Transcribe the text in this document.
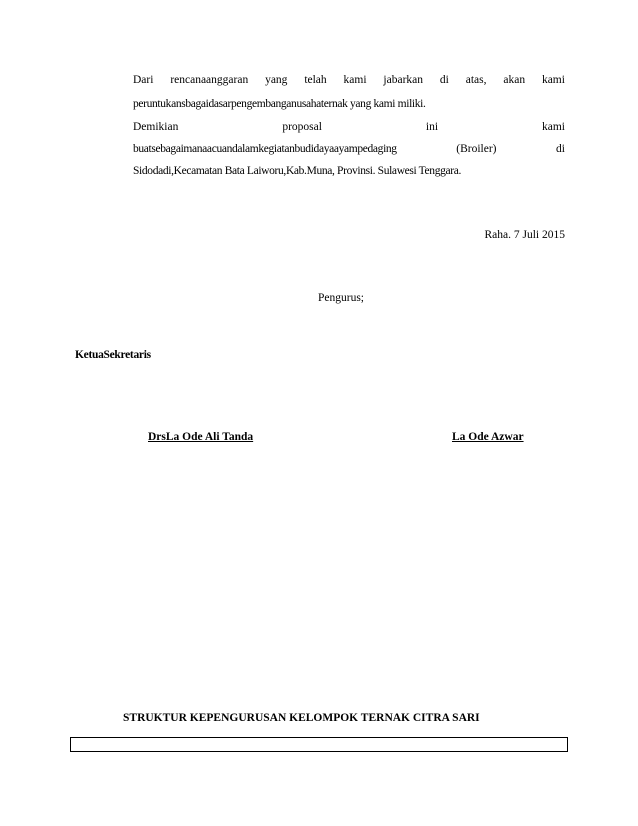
Dari rencanaanggaran yang telah kami jabarkan di atas, akan kami
peruntukansbagaidasarpengembanganusahaternak yang kami miliki.
Demikian	proposal	ini	kami
buatsebagaimanaacuandalamkegiatanbudidayaayampedaging	(Broiler)	di
Sidodadi,Kecamatan Bata Laiworu,Kab.Muna, Provinsi. Sulawesi Tenggara.
Raha. 7 Juli 2015
Pengurus;
KetuaSekretaris
DrsLa Ode Ali Tanda	La Ode Azwar
STRUKTUR KEPENGURUSAN KELOMPOK TERNAK CITRA SARI
